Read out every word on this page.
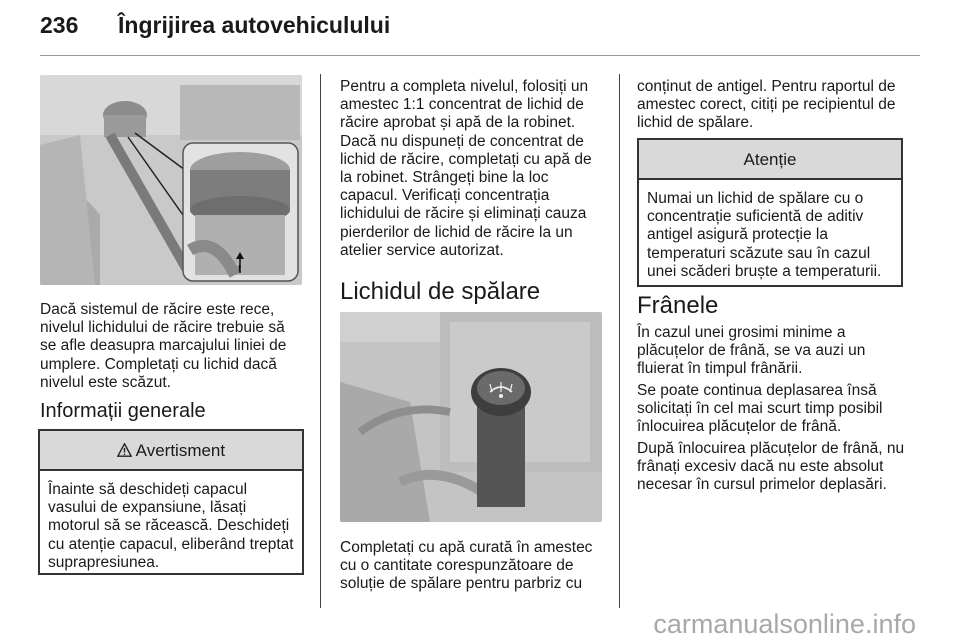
236 Îngrijirea autovehiculului
t

Dacă sistemul de răcire este rece, nivelul lichidului de răcire trebuie să se afle deasupra marcajului liniei de umplere. Completați cu lichid dacă nivelul este scăzut.

Informații generale
Avertisment
Înainte să deschideți capacul vasului de expansiune, lăsați motorul să se răcească. Deschideți cu atenție capacul, eliberând treptat suprapresiunea.

Pentru a completa nivelul, folosiți un amestec 1:1 concentrat de lichid de răcire aprobat și apă de la robinet. Dacă nu dispuneți de concentrat de lichid de răcire, completați cu apă de la robinet. Strângeți bine la loc capacul. Verificați concentrația lichidului de răcire și eliminați cauza pierderilor de lichid de răcire la un atelier service autorizat.

Lichidul de spălare

Completați cu apă curată în amestec cu o cantitate corespunzătoare de soluție de spălare pentru parbriz cu

conținut de antigel. Pentru raportul de amestec corect, citiți pe recipientul de lichid de spălare.

Atenție
Numai un lichid de spălare cu o concentrație suficientă de aditiv antigel asigură protecție la temperaturi scăzute sau în cazul unei scăderi bruște a temperaturii.
Frânele

În cazul unei grosimi minime a plăcuțelor de frână, se va auzi un fluierat în timpul frânării.

Se poate continua deplasarea însă solicitați în cel mai scurt timp posibil înlocuirea plăcuțelor de frână.

După înlocuirea plăcuțelor de frână, nu frânați excesiv dacă nu este absolut necesar în cursul primelor deplasări.

carmanualsonline.info
